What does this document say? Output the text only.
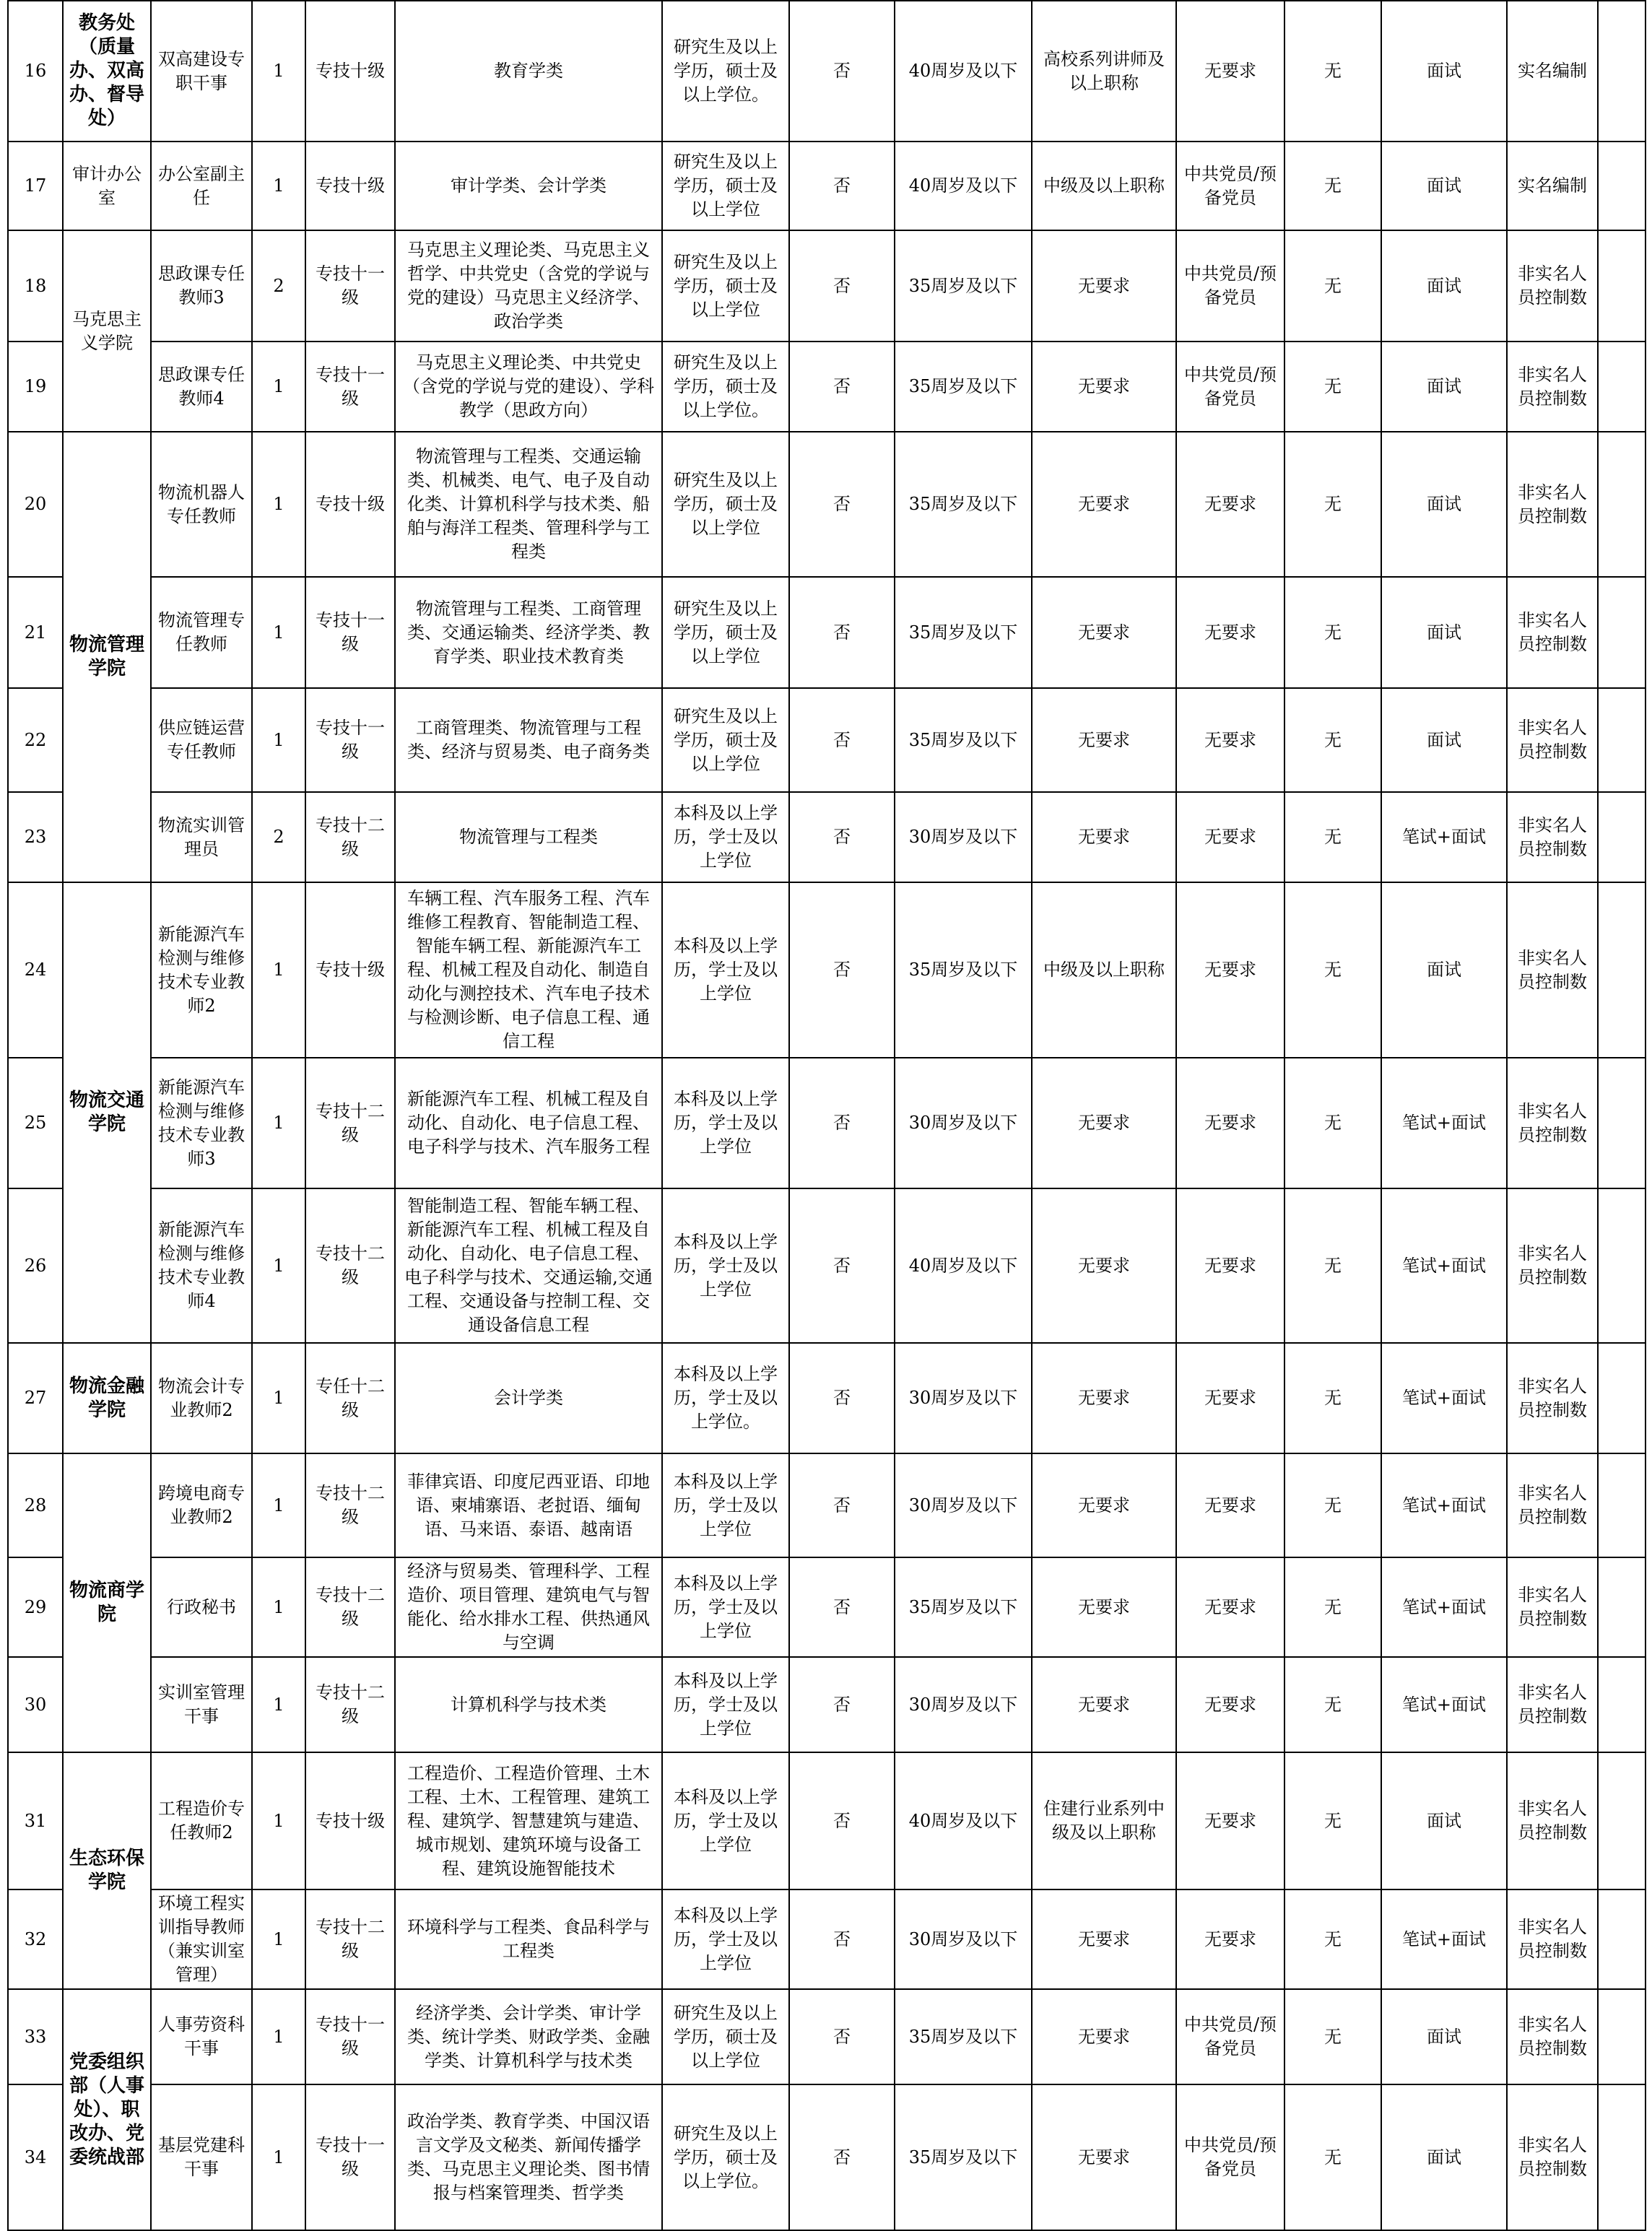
16	教务处（质量办、双高办、督导处）	双高建设专职干事	1	专技十级	教育学类	研究生及以上学历，硕士及以上学位。	否	40周岁及以下	高校系列讲师及以上职称	无要求	无	面试	实名编制	
17	审计办公室	办公室副主任	1	专技十级	审计学类、会计学类	研究生及以上学历，硕士及以上学位	否	40周岁及以下	中级及以上职称	中共党员/预备党员	无	面试	实名编制	
18	马克思主义学院	思政课专任教师3	2	专技十一级	马克思主义理论类、马克思主义哲学、中共党史（含党的学说与党的建设）马克思主义经济学、政治学类	研究生及以上学历，硕士及以上学位	否	35周岁及以下	无要求	中共党员/预备党员	无	面试	非实名人员控制数	
19		思政课专任教师4	1	专技十一级	马克思主义理论类、中共党史（含党的学说与党的建设）、学科教学（思政方向）	研究生及以上学历，硕士及以上学位。	否	35周岁及以下	无要求	中共党员/预备党员	无	面试	非实名人员控制数	
20	物流管理学院	物流机器人专任教师	1	专技十级	物流管理与工程类、交通运输类、机械类、电气、电子及自动化类、计算机科学与技术类、船舶与海洋工程类、管理科学与工程类	研究生及以上学历，硕士及以上学位	否	35周岁及以下	无要求	无要求	无	面试	非实名人员控制数	
21		物流管理专任教师	1	专技十一级	物流管理与工程类、工商管理类、交通运输类、经济学类、教育学类、职业技术教育类	研究生及以上学历，硕士及以上学位	否	35周岁及以下	无要求	无要求	无	面试	非实名人员控制数	
22		供应链运营专任教师	1	专技十一级	工商管理类、物流管理与工程类、经济与贸易类、电子商务类	研究生及以上学历，硕士及以上学位	否	35周岁及以下	无要求	无要求	无	面试	非实名人员控制数	
23		物流实训管理员	2	专技十二级	物流管理与工程类	本科及以上学历，学士及以上学位	否	30周岁及以下	无要求	无要求	无	笔试+面试	非实名人员控制数	
24	物流交通学院	新能源汽车检测与维修技术专业教师2	1	专技十级	车辆工程、汽车服务工程、汽车维修工程教育、智能制造工程、智能车辆工程、新能源汽车工程、机械工程及自动化、制造自动化与测控技术、汽车电子技术与检测诊断、电子信息工程、通信工程	本科及以上学历，学士及以上学位	否	35周岁及以下	中级及以上职称	无要求	无	面试	非实名人员控制数	
25		新能源汽车检测与维修技术专业教师3	1	专技十二级	新能源汽车工程、机械工程及自动化、自动化、电子信息工程、电子科学与技术、汽车服务工程	本科及以上学历，学士及以上学位	否	30周岁及以下	无要求	无要求	无	笔试+面试	非实名人员控制数	
26		新能源汽车检测与维修技术专业教师4	1	专技十二级	智能制造工程、智能车辆工程、新能源汽车工程、机械工程及自动化、自动化、电子信息工程、电子科学与技术、交通运输,交通工程、交通设备与控制工程、交通设备信息工程	本科及以上学历，学士及以上学位	否	40周岁及以下	无要求	无要求	无	笔试+面试	非实名人员控制数	
27	物流金融学院	物流会计专业教师2	1	专任十二级	会计学类	本科及以上学历，学士及以上学位。	否	30周岁及以下	无要求	无要求	无	笔试+面试	非实名人员控制数	
28	物流商学院	跨境电商专业教师2	1	专技十二级	菲律宾语、印度尼西亚语、印地语、柬埔寨语、老挝语、缅甸语、马来语、泰语、越南语	本科及以上学历，学士及以上学位	否	30周岁及以下	无要求	无要求	无	笔试+面试	非实名人员控制数	
29		行政秘书	1	专技十二级	经济与贸易类、管理科学、工程造价、项目管理、建筑电气与智能化、给水排水工程、供热通风与空调	本科及以上学历，学士及以上学位	否	35周岁及以下	无要求	无要求	无	笔试+面试	非实名人员控制数	
30		实训室管理干事	1	专技十二级	计算机科学与技术类	本科及以上学历，学士及以上学位	否	30周岁及以下	无要求	无要求	无	笔试+面试	非实名人员控制数	
31	生态环保学院	工程造价专任教师2	1	专技十级	工程造价、工程造价管理、土木工程、土木、工程管理、建筑工程、建筑学、智慧建筑与建造、城市规划、建筑环境与设备工程、建筑设施智能技术	本科及以上学历，学士及以上学位	否	40周岁及以下	住建行业系列中级及以上职称	无要求	无	面试	非实名人员控制数	
32		环境工程实训指导教师（兼实训室管理）	1	专技十二级	环境科学与工程类、食品科学与工程类	本科及以上学历，学士及以上学位	否	30周岁及以下	无要求	无要求	无	笔试+面试	非实名人员控制数	
33	党委组织部（人事处）、职改办、党委统战部	人事劳资科干事	1	专技十一级	经济学类、会计学类、审计学类、统计学类、财政学类、金融学类、计算机科学与技术类	研究生及以上学历，硕士及以上学位	否	35周岁及以下	无要求	中共党员/预备党员	无	面试	非实名人员控制数	
34		基层党建科干事	1	专技十一级	政治学类、教育学类、中国汉语言文学及文秘类、新闻传播学类、马克思主义理论类、图书情报与档案管理类、哲学类	研究生及以上学历，硕士及以上学位。	否	35周岁及以下	无要求	中共党员/预备党员	无	面试	非实名人员控制数	
